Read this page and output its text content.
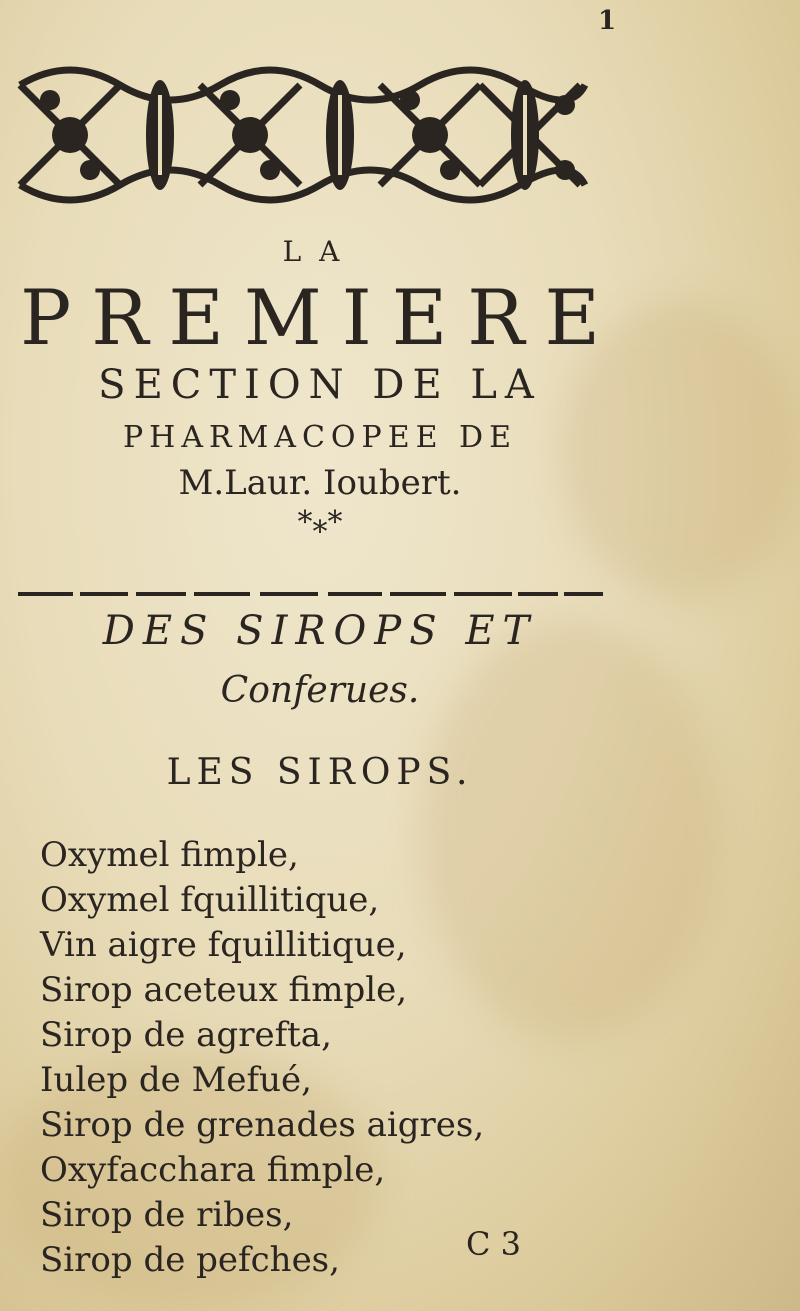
1
LA
PREMIERE
SECTION DE LA
PHARMACOPEE DE
M.Laur. Ioubert.
*⁎*
DES SIROPS ET
Conferues.
LES SIROPS.
Oxymel fimple,
Oxymel fquillitique,
Vin aigre fquillitique,
Sirop aceteux fimple,
Sirop de agrefta,
Iulep de Mefué,
Sirop de grenades aigres,
Oxyfacchara fimple,
Sirop de ribes,
Sirop de pefches,	C 3
